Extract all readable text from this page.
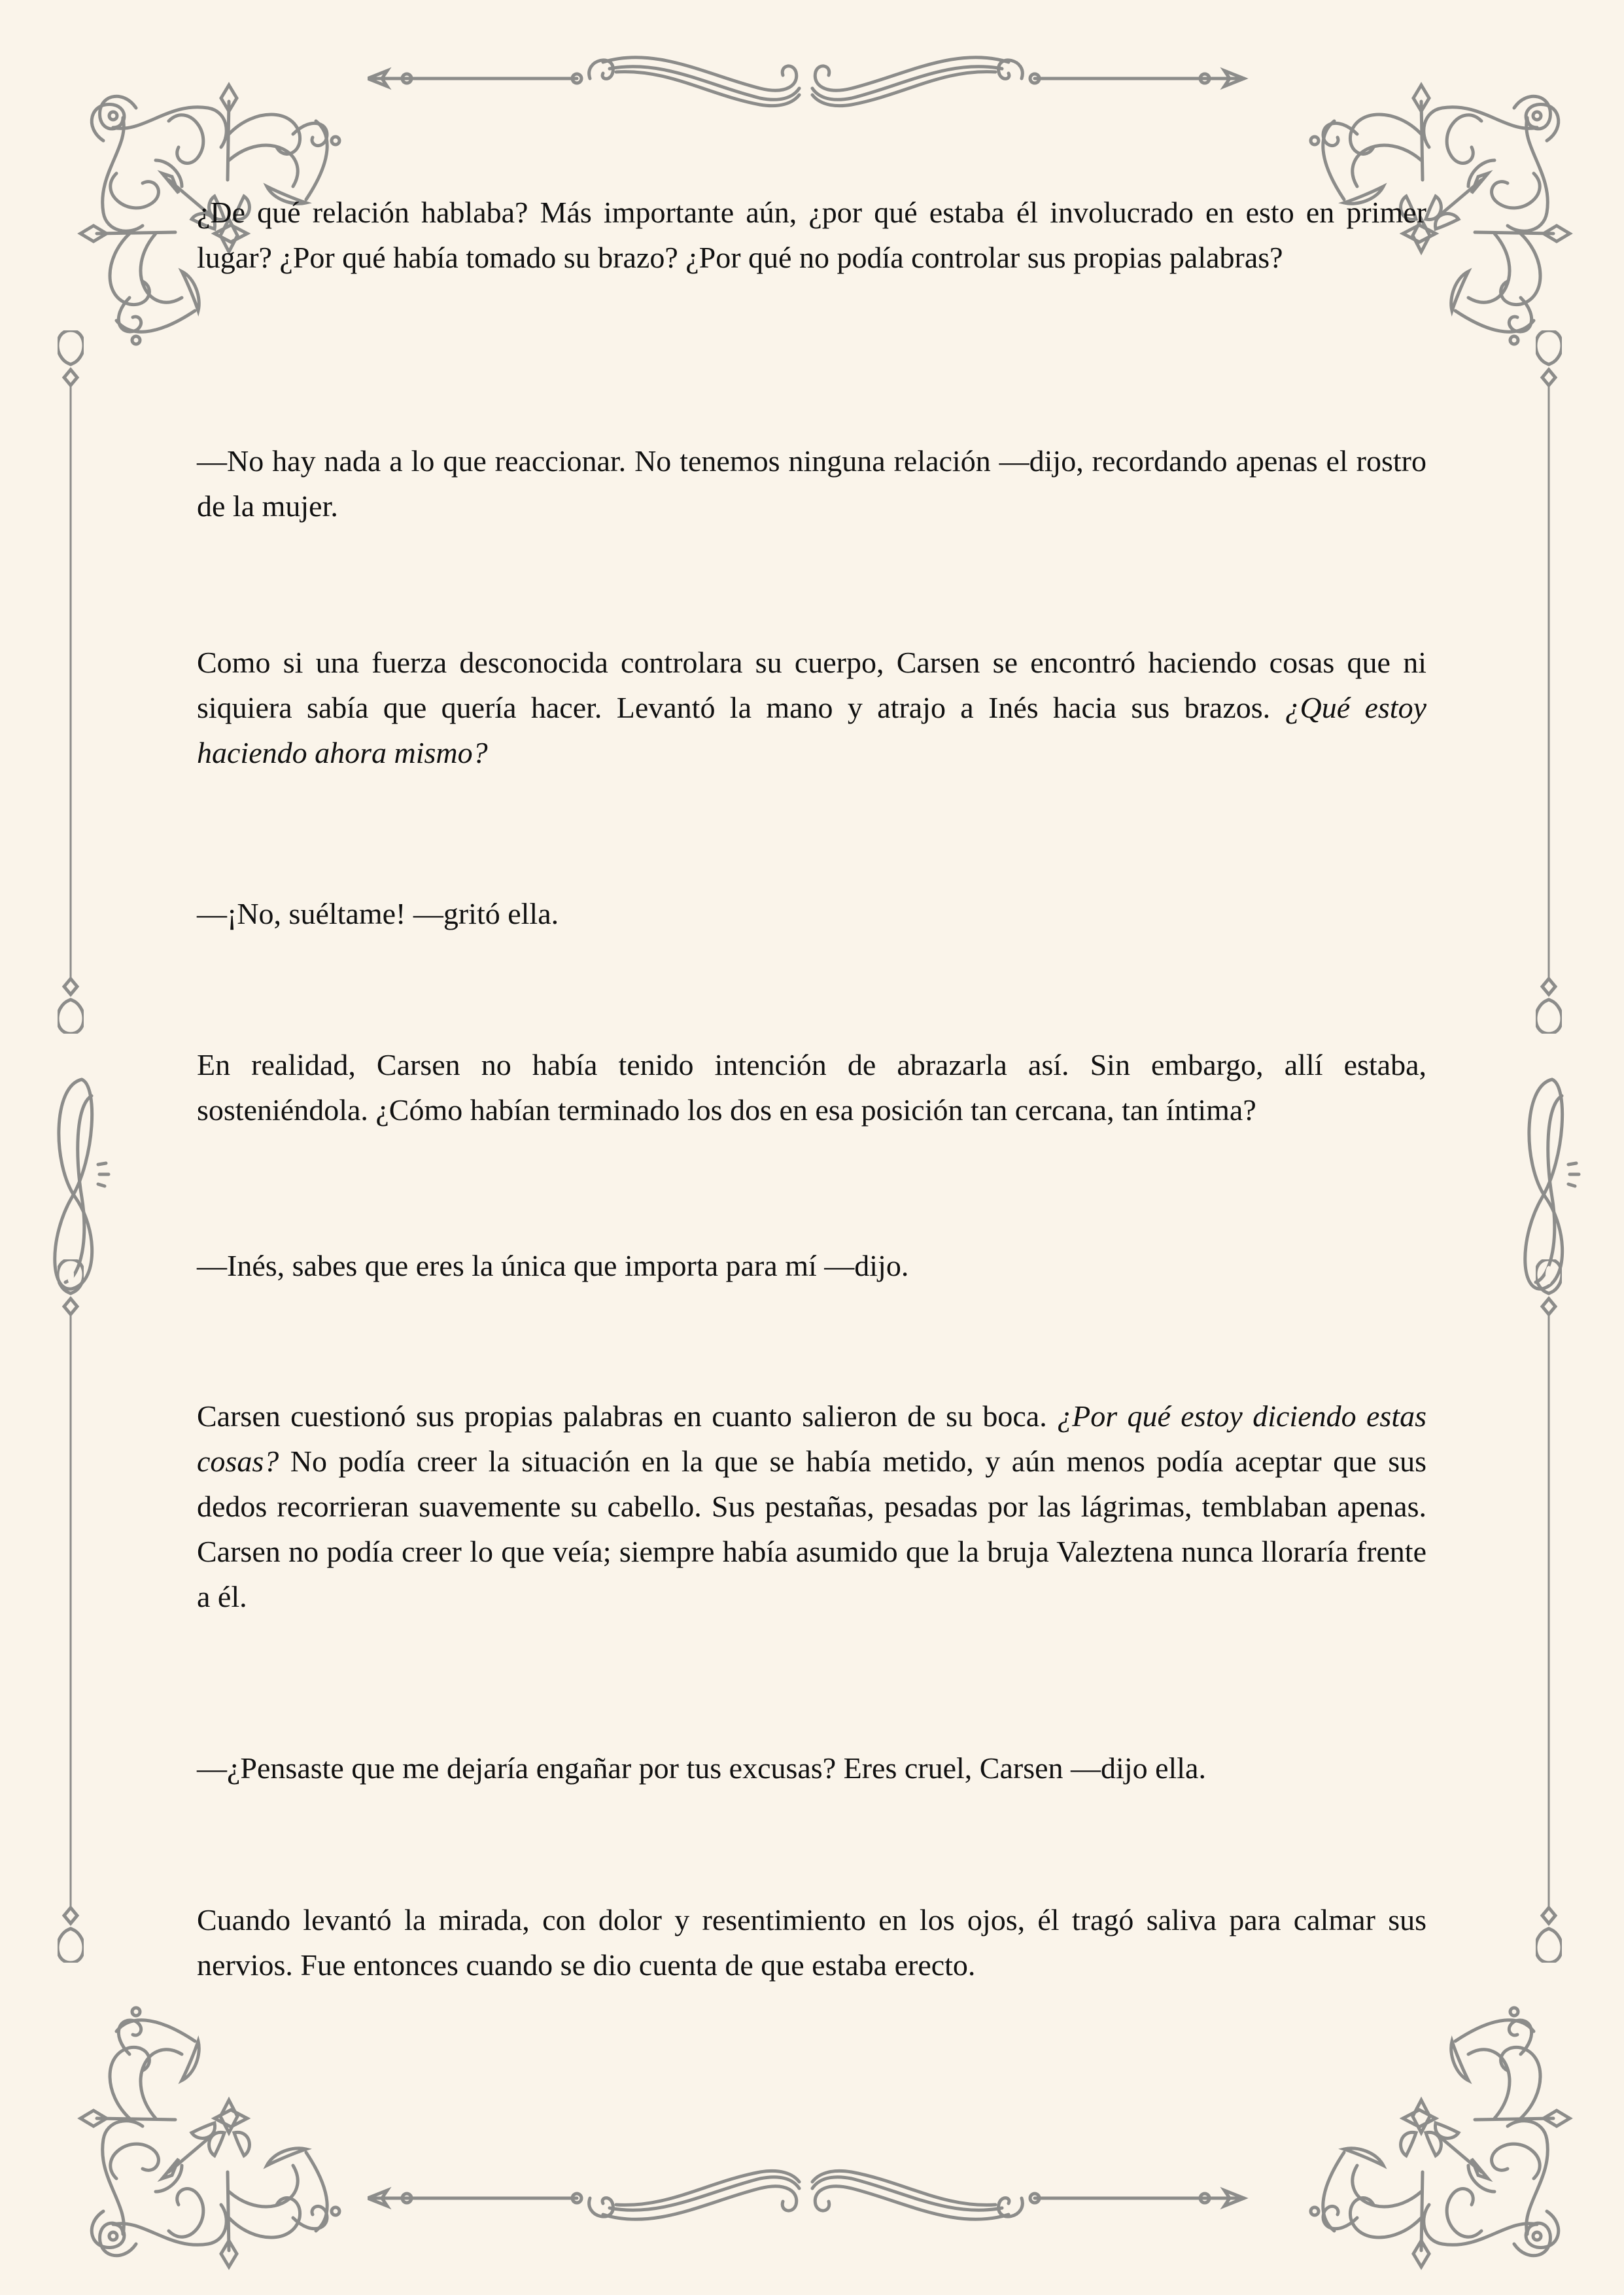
¿De qué relación hablaba? Más importante aún, ¿por qué estaba él involucrado en esto en primer lugar? ¿Por qué había tomado su brazo? ¿Por qué no podía controlar sus propias palabras?

—No hay nada a lo que reaccionar. No tenemos ninguna relación —dijo, recordando apenas el rostro de la mujer.

Como si una fuerza desconocida controlara su cuerpo, Carsen se encontró haciendo cosas que ni siquiera sabía que quería hacer. Levantó la mano y atrajo a Inés hacia sus brazos. ¿Qué estoy haciendo ahora mismo?

—¡No, suéltame! —gritó ella.

En realidad, Carsen no había tenido intención de abrazarla así. Sin embargo, allí estaba, sosteniéndola. ¿Cómo habían terminado los dos en esa posición tan cercana, tan íntima?

—Inés, sabes que eres la única que importa para mí —dijo.

Carsen cuestionó sus propias palabras en cuanto salieron de su boca. ¿Por qué estoy diciendo estas cosas? No podía creer la situación en la que se había metido, y aún menos podía aceptar que sus dedos recorrieran suavemente su cabello. Sus pestañas, pesadas por las lágrimas, temblaban apenas. Carsen no podía creer lo que veía; siempre había asumido que la bruja Valeztena nunca lloraría frente a él.

—¿Pensaste que me dejaría engañar por tus excusas? Eres cruel, Carsen —dijo ella.

Cuando levantó la mirada, con dolor y resentimiento en los ojos, él tragó saliva para calmar sus nervios. Fue entonces cuando se dio cuenta de que estaba erecto.
